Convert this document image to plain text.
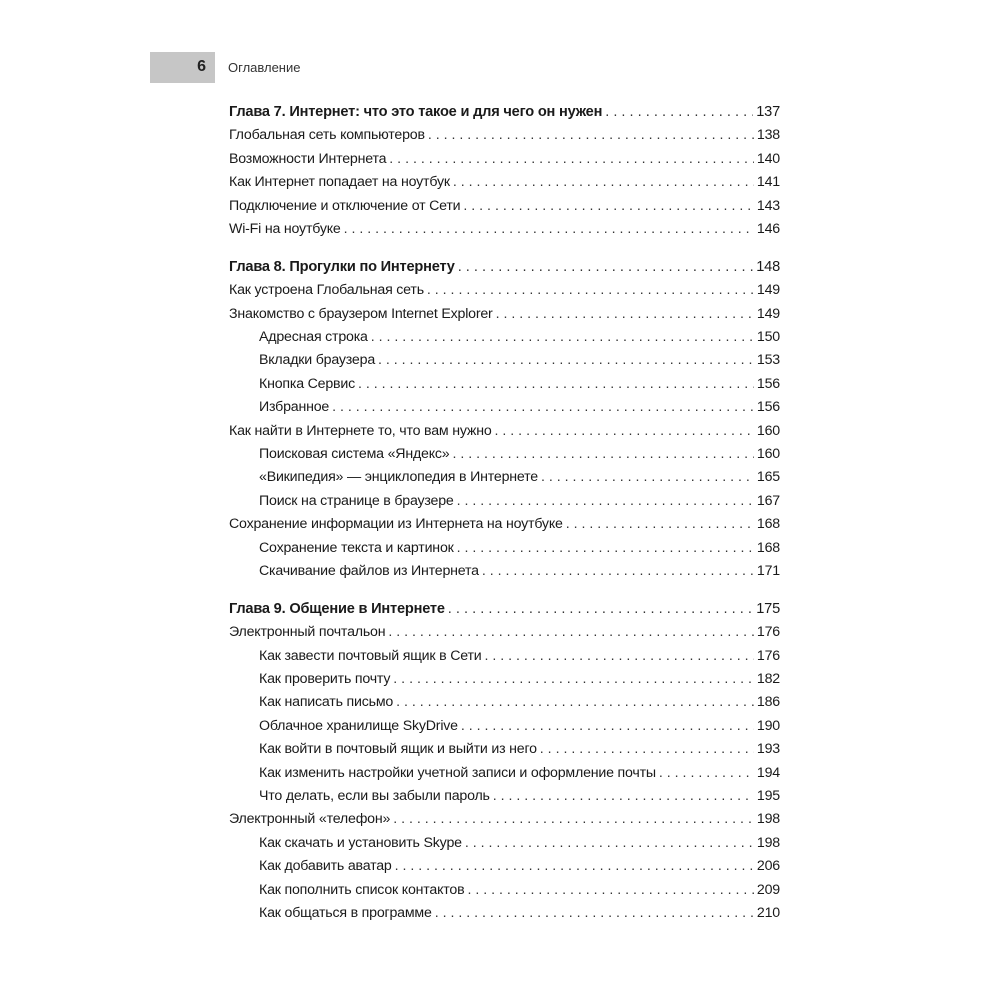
6 Оглавление
Глава 7. Интернет: что это такое и для чего он нужен . . .	137
Глобальная сеть компьютеров . . .	138
Возможности Интернета . . .	140
Как Интернет попадает на ноутбук . . .	141
Подключение и отключение от Сети . . .	143
Wi-Fi на ноутбуке . . .	146
Глава 8. Прогулки по Интернету . . .	148
Как устроена Глобальная сеть . . .	149
Знакомство с браузером Internet Explorer . . .	149
Адресная строка . . .	150
Вкладки браузера . . .	153
Кнопка Сервис . . .	156
Избранное . . .	156
Как найти в Интернете то, что вам нужно . . .	160
Поисковая система «Яндекс» . . .	160
«Википедия» — энциклопедия в Интернете . . .	165
Поиск на странице в браузере . . .	167
Сохранение информации из Интернета на ноутбуке . . .	168
Сохранение текста и картинок . . .	168
Скачивание файлов из Интернета . . .	171
Глава 9. Общение в Интернете . . .	175
Электронный почтальон . . .	176
Как завести почтовый ящик в Сети . . .	176
Как проверить почту . . .	182
Как написать письмо . . .	186
Облачное хранилище SkyDrive . . .	190
Как войти в почтовый ящик и выйти из него . . .	193
Как изменить настройки учетной записи и оформление почты . . .	194
Что делать, если вы забыли пароль . . .	195
Электронный «телефон» . . .	198
Как скачать и установить Skype . . .	198
Как добавить аватар . . .	206
Как пополнить список контактов . . .	209
Как общаться в программе . . .	210
